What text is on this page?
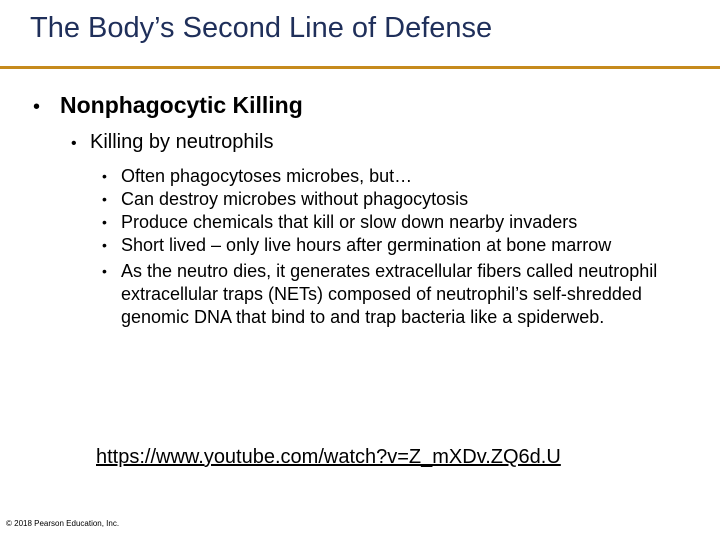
The Body’s Second Line of Defense
• Nonphagocytic Killing
• Killing by neutrophils
• Often phagocytoses microbes, but…
• Can destroy microbes without phagocytosis
• Produce chemicals that kill or slow down nearby invaders
• Short lived – only live hours after germination at bone marrow
• As the neutro dies, it generates extracellular fibers called neutrophil extracellular traps (NETs) composed of neutrophil’s self-shredded genomic DNA that bind to and trap bacteria like a spiderweb.
https://www.youtube.com/watch?v=Z_mXDv.ZQ6d.U
© 2018 Pearson Education, Inc.
